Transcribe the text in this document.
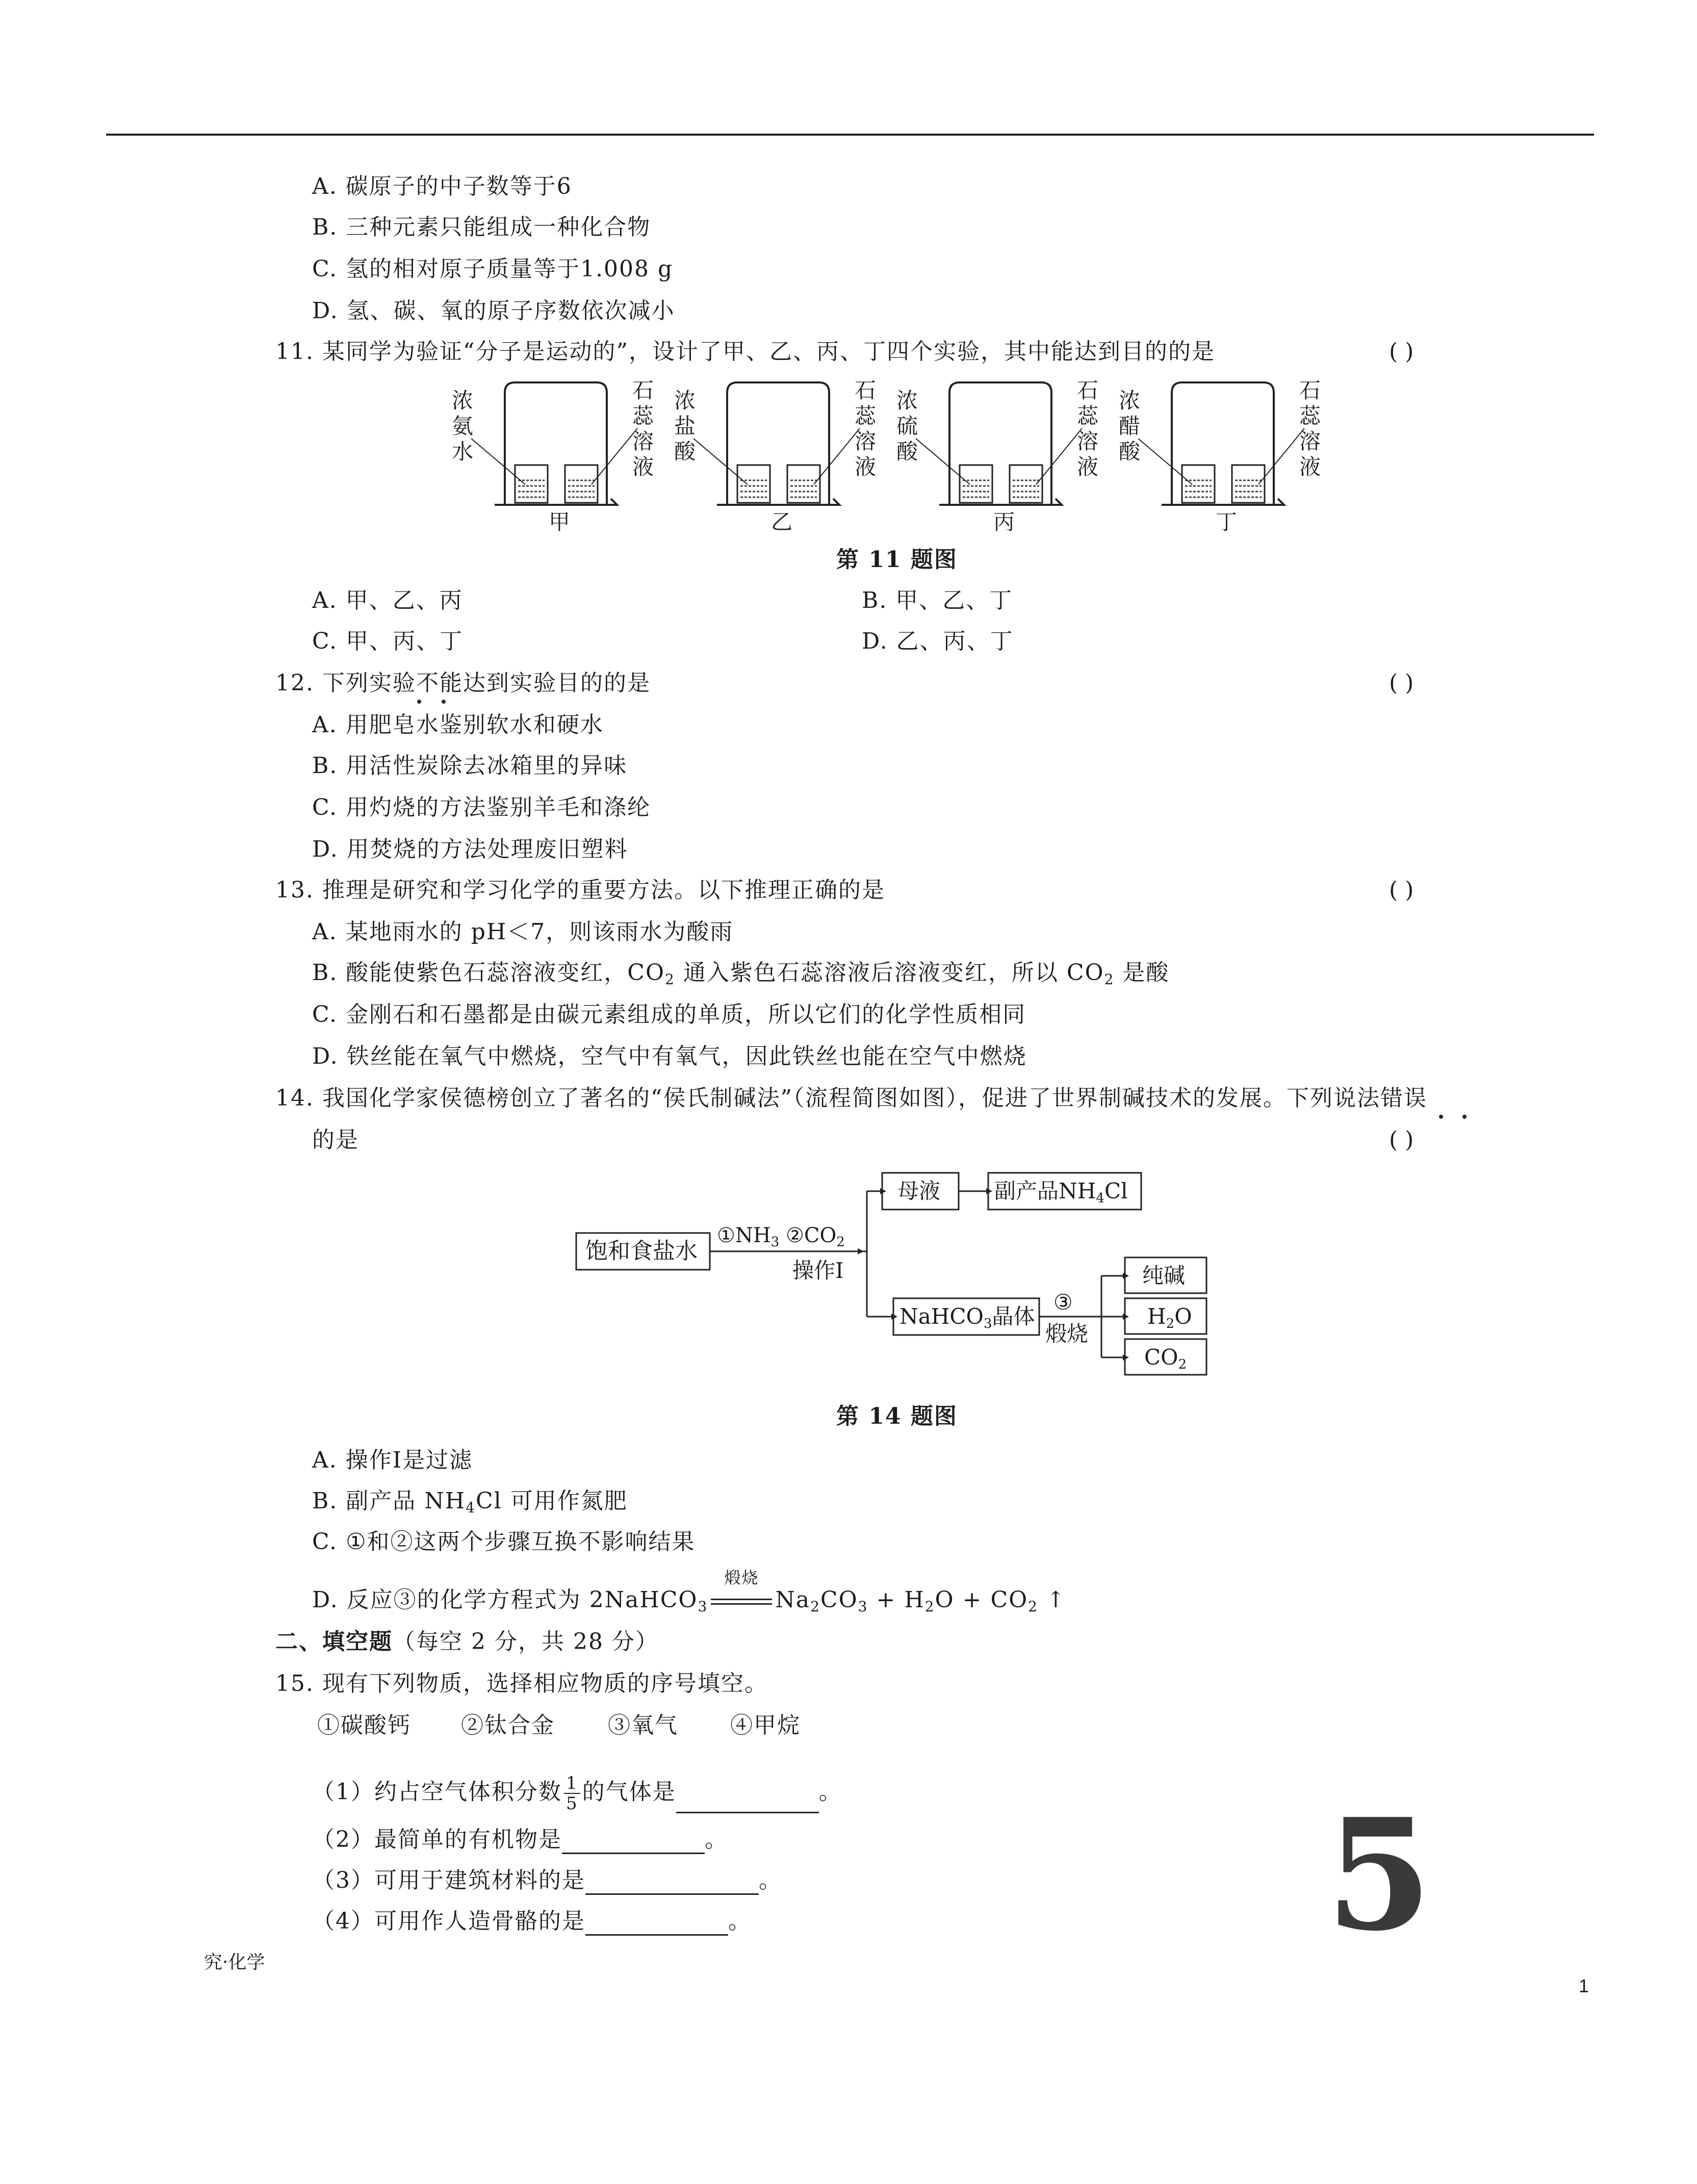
A. 碳原子的中子数等于6
B. 三种元素只能组成一种化合物
C. 氢的相对原子质量等于1.008 g
D. 氢、碳、氧的原子序数依次减小
11. 某同学为验证“分子是运动的”，设计了甲、乙、丙、丁四个实验，其中能达到目的的是	( )
浓
氨
水
石
蕊
溶
液
甲
浓
盐
酸
石
蕊
溶
液
乙
浓
硫
酸
石
蕊
溶
液
丙
浓
醋
酸
石
蕊
溶
液
丁
第 11 题图
A. 甲、乙、丙	B. 甲、乙、丁
C. 甲、丙、丁	D. 乙、丙、丁
12. 下列实验不能达到实验目的的是	( )
A. 用肥皂水鉴别软水和硬水
B. 用活性炭除去冰箱里的异味
C. 用灼烧的方法鉴别羊毛和涤纶
D. 用焚烧的方法处理废旧塑料
13. 推理是研究和学习化学的重要方法。以下推理正确的是	( )
A. 某地雨水的 pH＜7，则该雨水为酸雨
B. 酸能使紫色石蕊溶液变红，$CO_2$ 通入紫色石蕊溶液后溶液变红，所以 $CO_2$ 是酸
C. 金刚石和石墨都是由碳元素组成的单质，所以它们的化学性质相同
D. 铁丝能在氧气中燃烧，空气中有氧气，因此铁丝也能在空气中燃烧
14. 我国化学家侯德榜创立了著名的“侯氏制碱法”（流程简图如图），促进了世界制碱技术的发展。下列说法错误
的是	( )
饱和食盐水
$①NH_3$ $②CO_2$
操作Ⅰ
母液	副产品NH4Cl
NaHCO3晶体
③
煅烧
纯碱
H2O
CO2
第 14 题图
A. 操作Ⅰ是过滤
B. 副产品 $NH_4Cl$ 可用作氮肥
C. ①和②这两个步骤互换不影响结果
D. 反应③的化学方程式为 2NaHCO$_3$
煅烧
$Na_2CO_3 + H_2O + CO_2$ ↑
二、填空题（每空 2 分，共 28 分）
15. 现有下列物质，选择相应物质的序号填空。
①碳酸钙 ②钛合金 ③氧气 ④甲烷
（1）约占空气体积分数 $\frac{1}{5}$ 的气体是	。
（2）最简单的有机物是	。
（3）可用于建筑材料的是	。
（4）可用作人造骨骼的是	。	5
究·化学
1
